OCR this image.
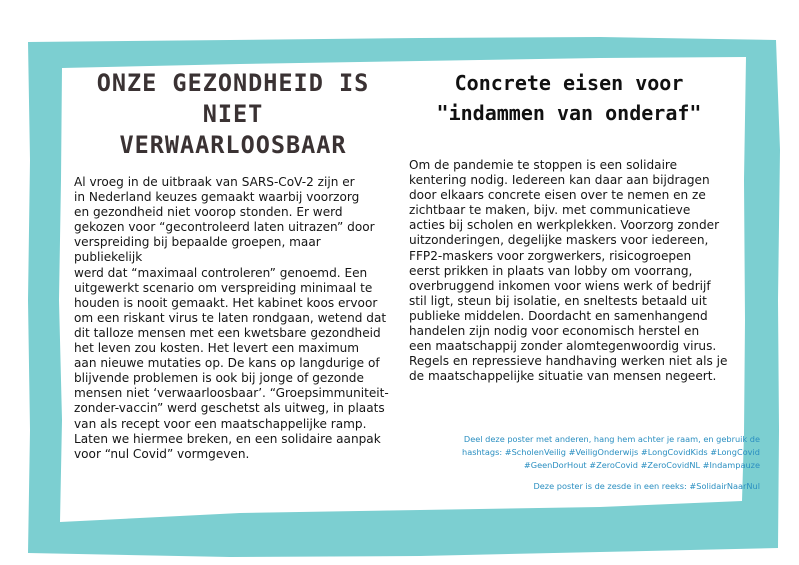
ONZE GEZONDHEID IS NIET
VERWAARLOOSBAAR

Al vroeg in de uitbraak van SARS-CoV-2 zijn er
in Nederland keuzes gemaakt waarbij voorzorg
en gezondheid niet voorop stonden. Er werd
gekozen voor “gecontroleerd laten uitrazen” door
verspreiding bij bepaalde groepen, maar publiekelijk
werd dat “maximaal controleren” genoemd. Een
uitgewerkt scenario om verspreiding minimaal te
houden is nooit gemaakt. Het kabinet koos ervoor
om een riskant virus te laten rondgaan, wetend dat
dit talloze mensen met een kwetsbare gezondheid
het leven zou kosten. Het levert een maximum
aan nieuwe mutaties op. De kans op langdurige of
blijvende problemen is ook bij jonge of gezonde
mensen niet ‘verwaarloosbaar’. “Groepsimmuniteit-
zonder-vaccin” werd geschetst als uitweg, in plaats
van als recept voor een maatschappelijke ramp.
Laten we hiermee breken, en een solidaire aanpak
voor “nul Covid” vormgeven.

Concrete eisen voor
"indammen van onderaf"

Om de pandemie te stoppen is een solidaire
kentering nodig. Iedereen kan daar aan bijdragen
door elkaars concrete eisen over te nemen en ze
zichtbaar te maken, bijv. met communicatieve
acties bij scholen en werkplekken. Voorzorg zonder
uitzonderingen, degelijke maskers voor iedereen,
FFP2-maskers voor zorgwerkers, risicogroepen
eerst prikken in plaats van lobby om voorrang,
overbruggend inkomen voor wiens werk of bedrijf
stil ligt, steun bij isolatie, en sneltests betaald uit
publieke middelen. Doordacht en samenhangend
handelen zijn nodig voor economisch herstel en
een maatschappij zonder alomtegenwoordig virus.
Regels en repressieve handhaving werken niet als je
de maatschappelijke situatie van mensen negeert.

Deel deze poster met anderen, hang hem achter je raam, en gebruik de

hashtags: #ScholenVeilig #VeiligOnderwijs #LongCovidKids #LongCovid

#GeenDorHout #ZeroCovid #ZeroCovidNL #Indampauze

Deze poster is de zesde in een reeks: #SolidairNaarNul
